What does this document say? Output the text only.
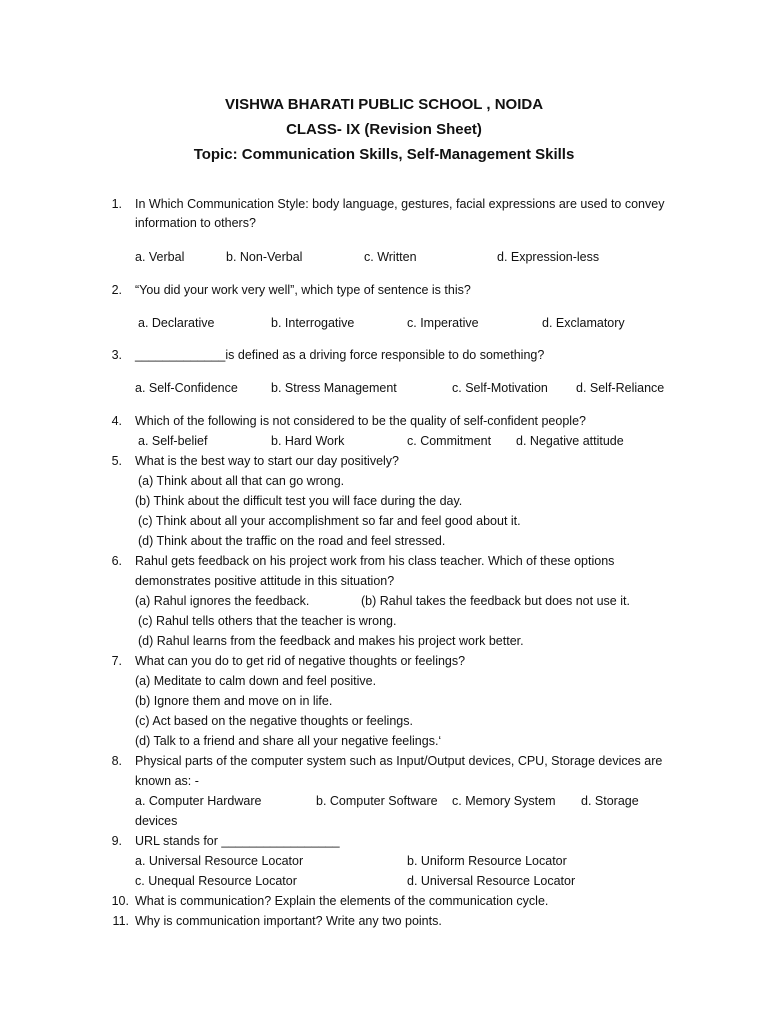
VISHWA BHARATI PUBLIC SCHOOL , NOIDA
CLASS- IX (Revision Sheet)
Topic: Communication Skills, Self-Management Skills
1. In Which Communication Style: body language, gestures, facial expressions are used to convey
information to others?
a. Verbal	b. Non-Verbal	c. Written	d. Expression-less
2. “You did your work very well”, which type of sentence is this?
a. Declarative	b. Interrogative	c. Imperative	d. Exclamatory
3. _____________is defined as a driving force responsible to do something?
a. Self-Confidence	b. Stress Management	c. Self-Motivation d. Self-Reliance
4. Which of the following is not considered to be the quality of self-confident people?
a. Self-belief	b. Hard Work	c. Commitment d. Negative attitude
5. What is the best way to start our day positively?
(a) Think about all that can go wrong.
(b) Think about the difficult test you will face during the day.
(c) Think about all your accomplishment so far and feel good about it.
(d) Think about the traffic on the road and feel stressed.
6. Rahul gets feedback on his project work from his class teacher. Which of these options
demonstrates positive attitude in this situation?
(a) Rahul ignores the feedback.	(b) Rahul takes the feedback but does not use it.
(c) Rahul tells others that the teacher is wrong.
(d) Rahul learns from the feedback and makes his project work better.
7. What can you do to get rid of negative thoughts or feelings?
(a) Meditate to calm down and feel positive.
(b) Ignore them and move on in life.
(c) Act based on the negative thoughts or feelings.
(d) Talk to a friend and share all your negative feelings.‘
8. Physical parts of the computer system such as Input/Output devices, CPU, Storage devices are
known as: -
a. Computer Hardware	b. Computer Software c. Memory System d. Storage
devices
9. URL stands for _________________
a. Universal Resource Locator	b. Uniform Resource Locator
c. Unequal Resource Locator	d. Universal Resource Locator
10. What is communication? Explain the elements of the communication cycle.
11. Why is communication important? Write any two points.
